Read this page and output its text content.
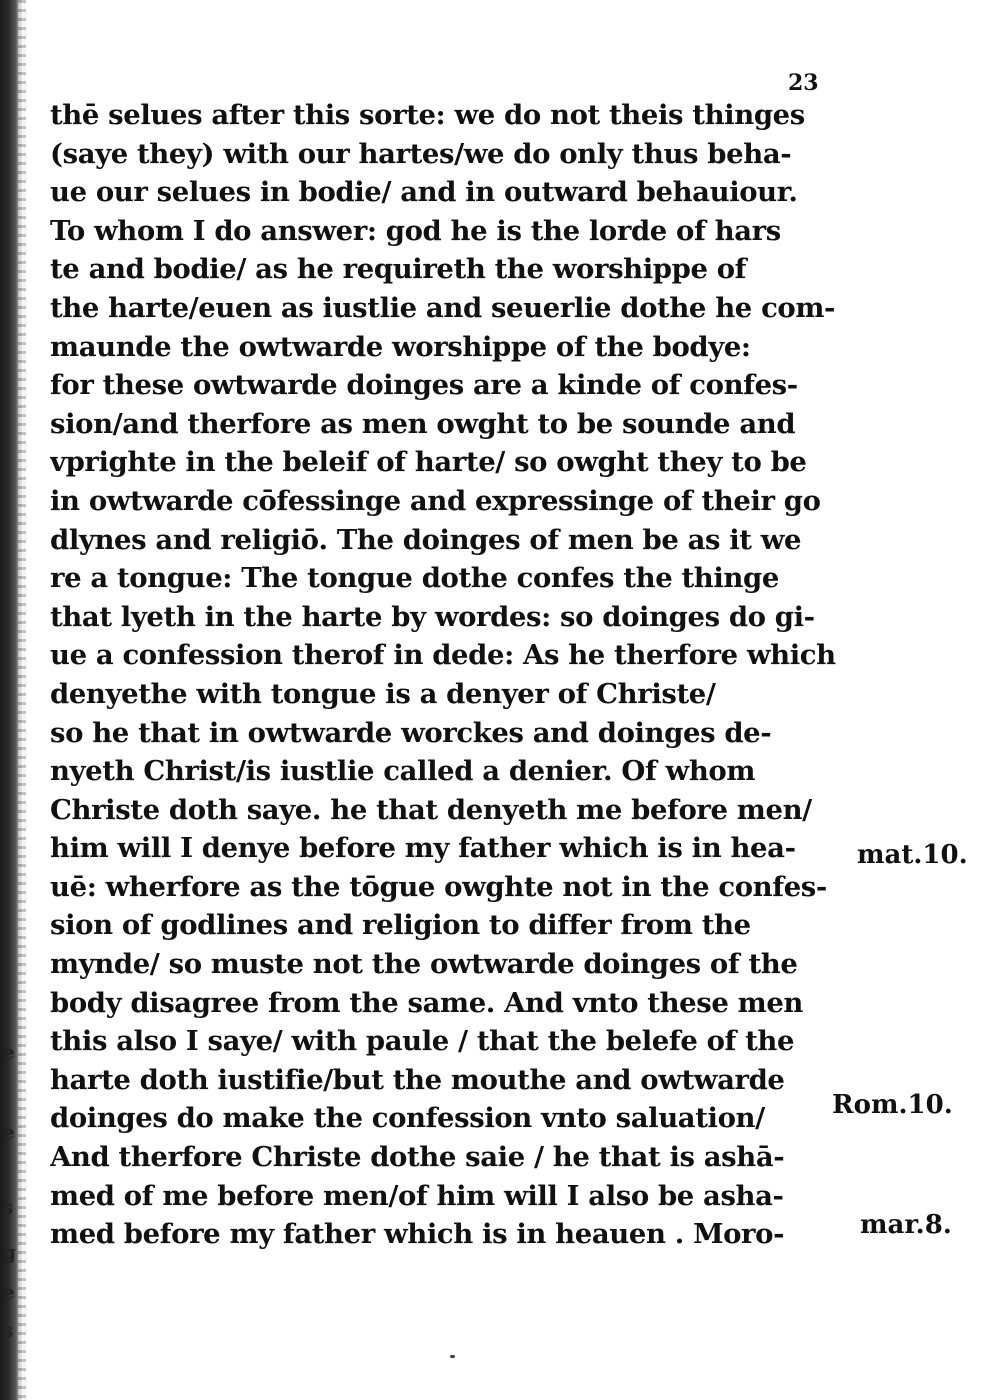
23
thē selues after this sorte: we do not theis thinges
(saye they) with our hartes/we do only thus beha-
ue our selues in bodie/ and in outward behauiour.
To whom I do answer: god he is the lorde of hars
te and bodie/ as he requireth the worshippe of
the harte/euen as iustlie and seuerlie dothe he com-
maunde the owtwarde worshippe of the bodye:
for these owtwarde doinges are a kinde of confes-
sion/and therfore as men owght to be sounde and
vprighte in the beleif of harte/ so owght they to be
in owtwarde cōfessinge and expressinge of their go
dlynes and religiō. The doinges of men be as it we
re a tongue: The tongue dothe confes the thinge
that lyeth in the harte by wordes: so doinges do gi-
ue a confession therof in dede: As he therfore which
denyethe with tongue is a denyer of Christe/
so he that in owtwarde worckes and doinges de-
nyeth Christ/is iustlie called a denier. Of whom
Christe doth saye. he that denyeth me before men/
him will I denye before my father which is in hea-
uē: wherfore as the tōgue owghte not in the confes-
sion of godlines and religion to differ from the
mynde/ so muste not the owtwarde doinges of the
body disagree from the same. And vnto these men
this also I saye/ with paule / that the belefe of the
harte doth iustifie/but the mouthe and owtwarde
doinges do make the confession vnto saluation/
And therfore Christe dothe saie / he that is ashā-
med of me before men/of him will I also be asha-
med before my father which is in heauen . Moro-
mat.10.
Rom.10.
mar.8.
e
e
s
g
e
s
